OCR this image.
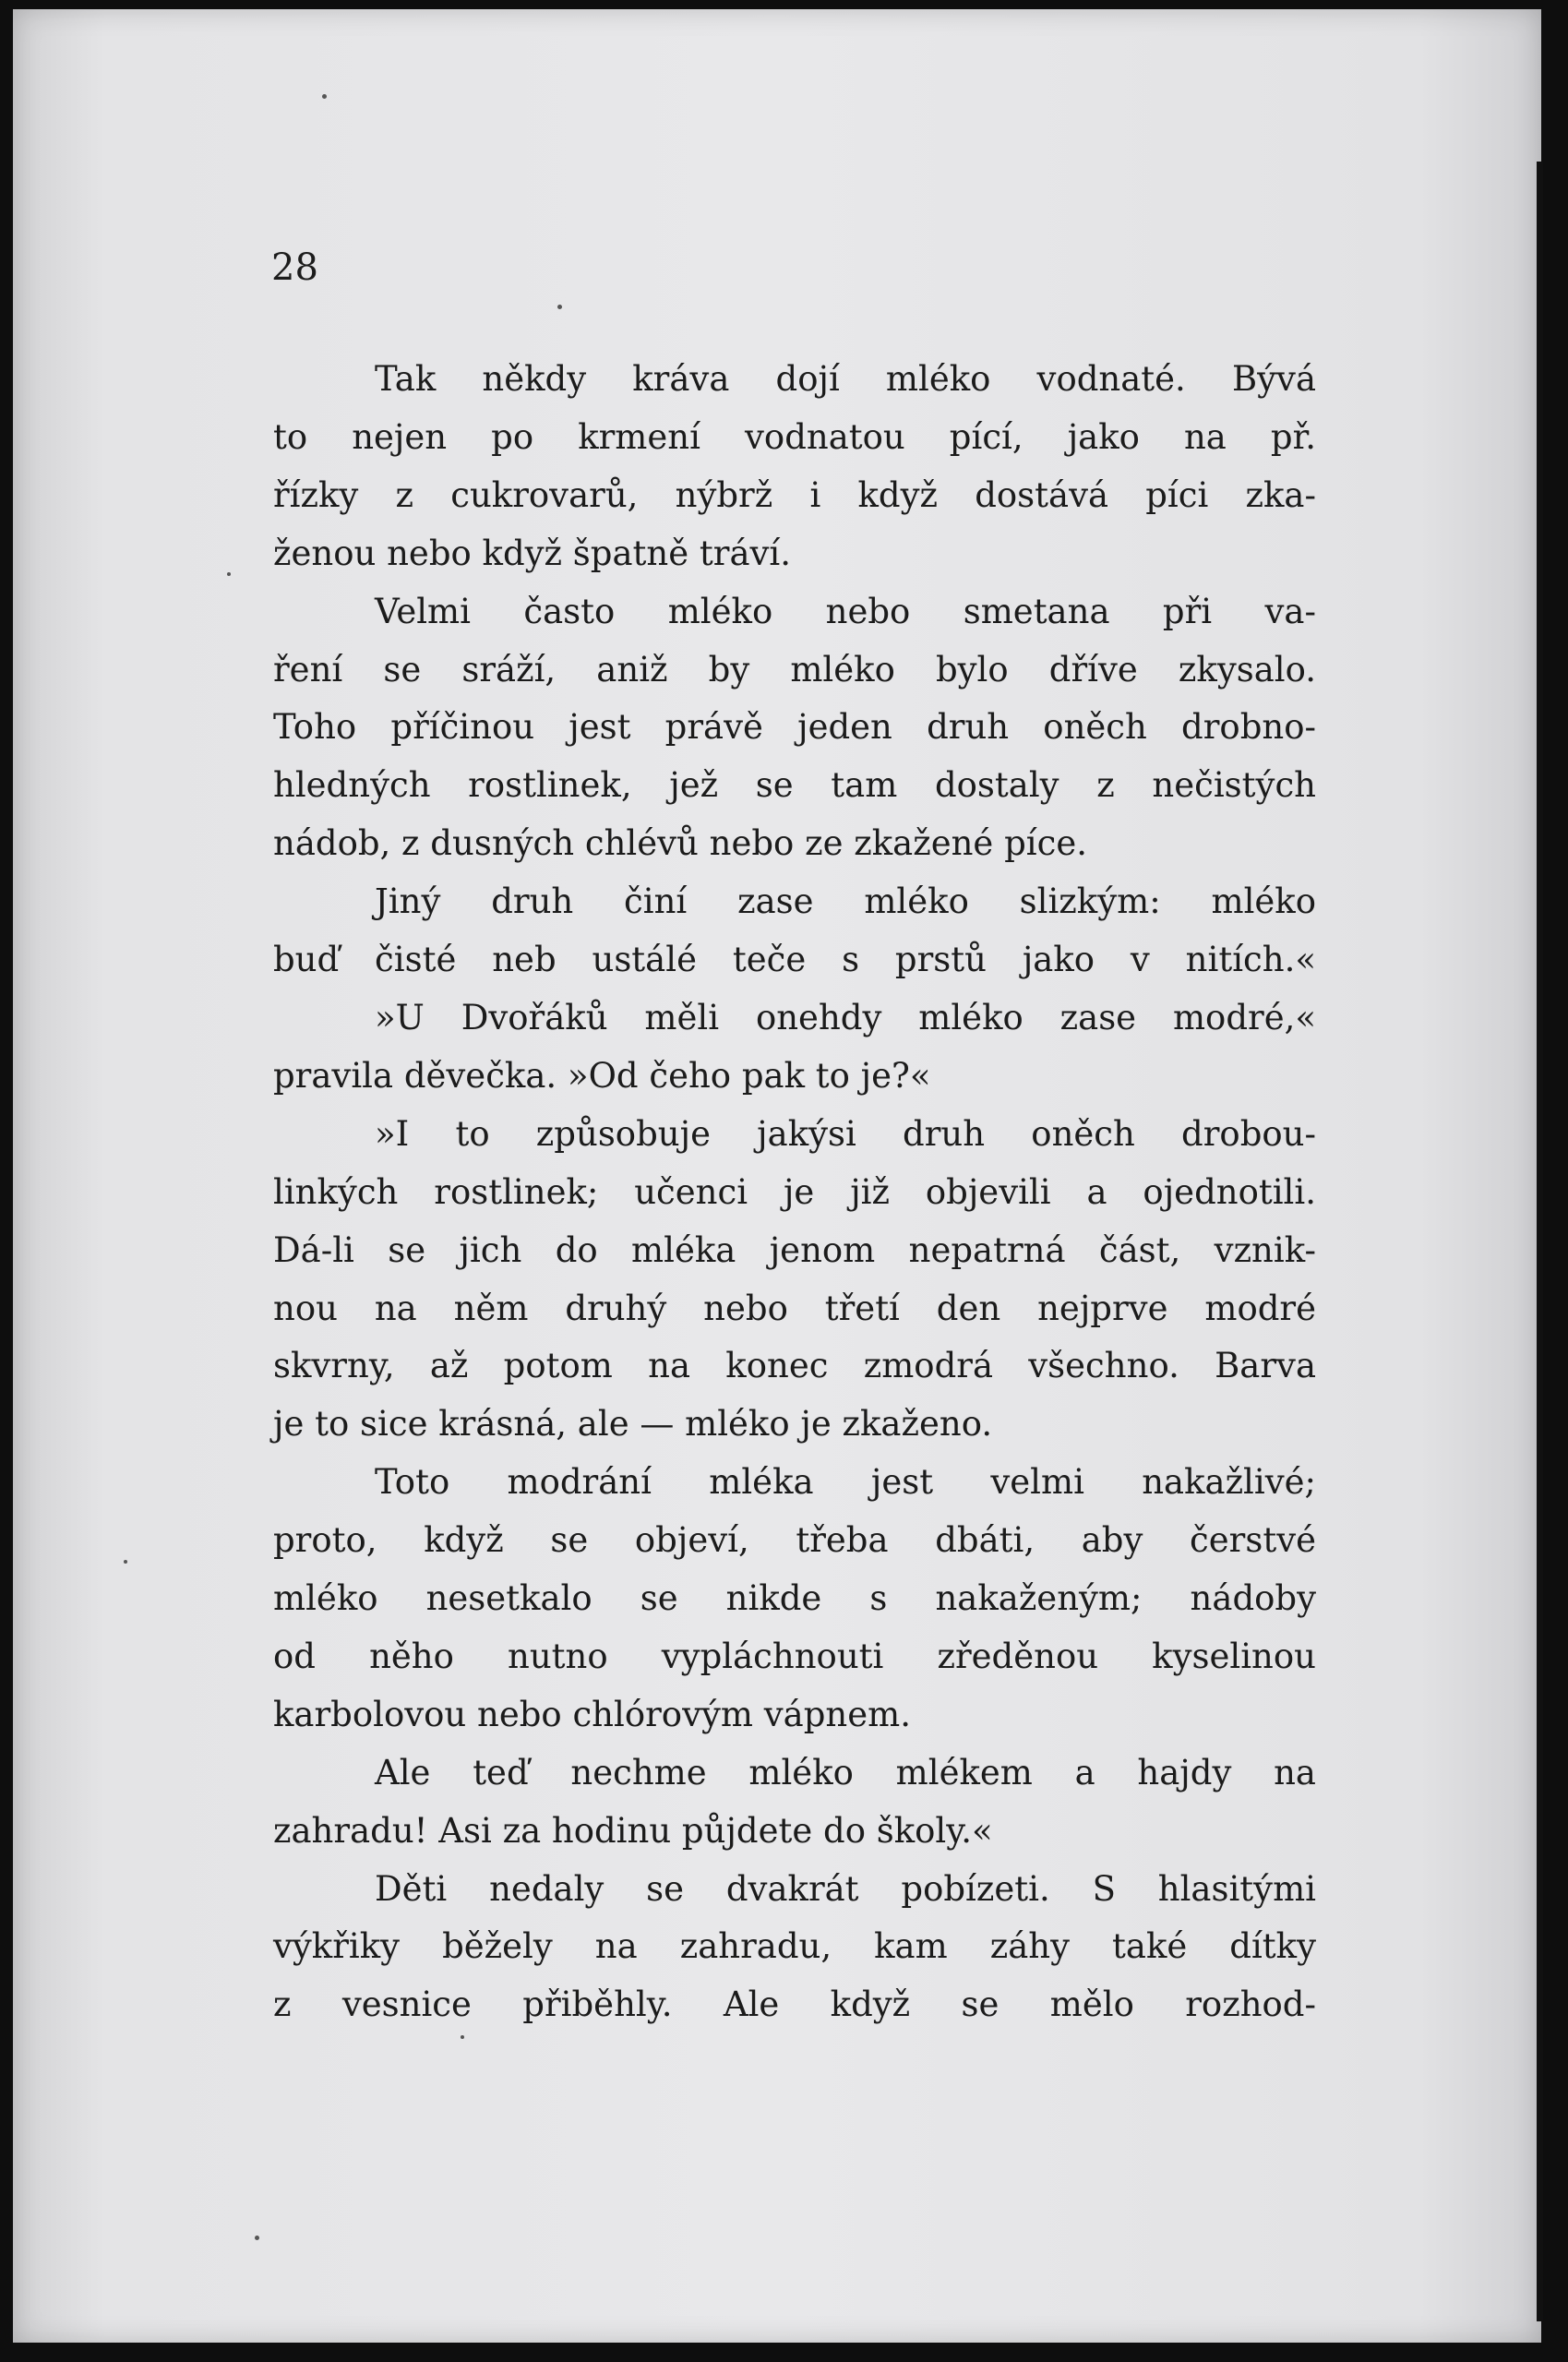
28

Tak někdy kráva dojí mléko vodnaté. Bývá
to nejen po krmení vodnatou pící, jako na př.
řízky z cukrovarů, nýbrž i když dostává píci zka-
ženou nebo když špatně tráví.
Velmi často mléko nebo smetana při va-
ření se sráží, aniž by mléko bylo dříve zkysalo.
Toho příčinou jest právě jeden druh oněch drobno-
hledných rostlinek, jež se tam dostaly z nečistých
nádob, z dusných chlévů nebo ze zkažené píce.
Jiný druh činí zase mléko slizkým: mléko
buď čisté neb ustálé teče s prstů jako v nitích.«
»U Dvořáků měli onehdy mléko zase modré,«
pravila děvečka. »Od čeho pak to je?«
»I to způsobuje jakýsi druh oněch drobou-
linkých rostlinek; učenci je již objevili a ojednotili.
Dá-li se jich do mléka jenom nepatrná část, vznik-
nou na něm druhý nebo třetí den nejprve modré
skvrny, až potom na konec zmodrá všechno. Barva
je to sice krásná, ale — mléko je zkaženo.
Toto modrání mléka jest velmi nakažlivé;
proto, když se objeví, třeba dbáti, aby čerstvé
mléko nesetkalo se nikde s nakaženým; nádoby
od něho nutno vypláchnouti zředěnou kyselinou
karbolovou nebo chlórovým vápnem.
Ale teď nechme mléko mlékem a hajdy na
zahradu! Asi za hodinu půjdete do školy.«
Děti nedaly se dvakrát pobízeti. S hlasitými
výkřiky běžely na zahradu, kam záhy také dítky
z vesnice přiběhly. Ale když se mělo rozhod-
